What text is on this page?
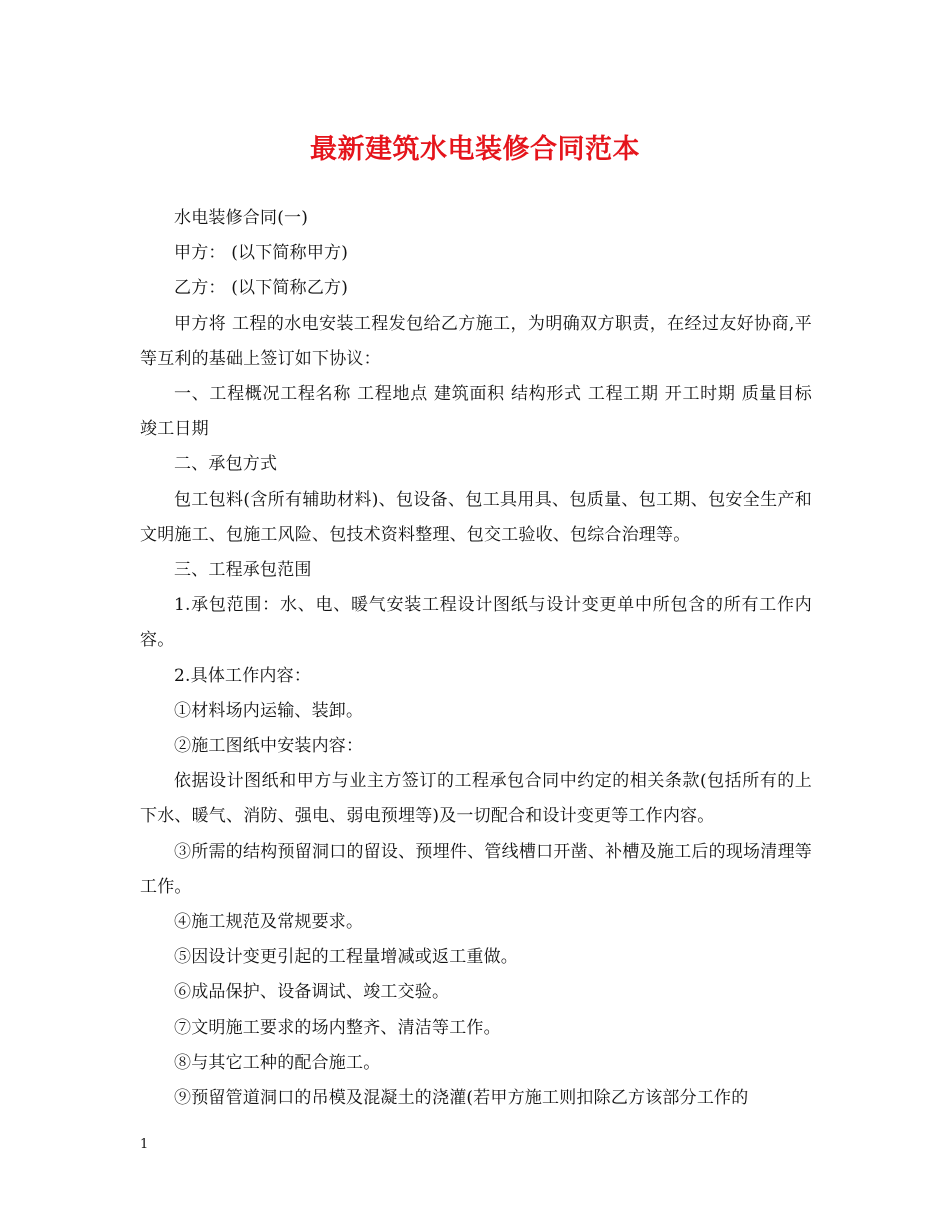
最新建筑水电装修合同范本

水电装修合同(一)

甲方： (以下简称甲方)

乙方： (以下简称乙方)

甲方将 工程的水电安装工程发包给乙方施工，为明确双方职责，在经过友好协商,平等互利的基础上签订如下协议：

一、工程概况工程名称 工程地点 建筑面积 结构形式 工程工期 开工时期 质量目标 竣工日期

二、承包方式

包工包料(含所有辅助材料)、包设备、包工具用具、包质量、包工期、包安全生产和文明施工、包施工风险、包技术资料整理、包交工验收、包综合治理等。

三、工程承包范围

1.承包范围：水、电、暖气安装工程设计图纸与设计变更单中所包含的所有工作内容。

2.具体工作内容：

①材料场内运输、装卸。

②施工图纸中安装内容：

依据设计图纸和甲方与业主方签订的工程承包合同中约定的相关条款(包括所有的上下水、暖气、消防、强电、弱电预埋等)及一切配合和设计变更等工作内容。

③所需的结构预留洞口的留设、预埋件、管线槽口开凿、补槽及施工后的现场清理等工作。

④施工规范及常规要求。

⑤因设计变更引起的工程量增减或返工重做。

⑥成品保护、设备调试、竣工交验。

⑦文明施工要求的场内整齐、清洁等工作。

⑧与其它工种的配合施工。

⑨预留管道洞口的吊模及混凝土的浇灌(若甲方施工则扣除乙方该部分工作的

1
